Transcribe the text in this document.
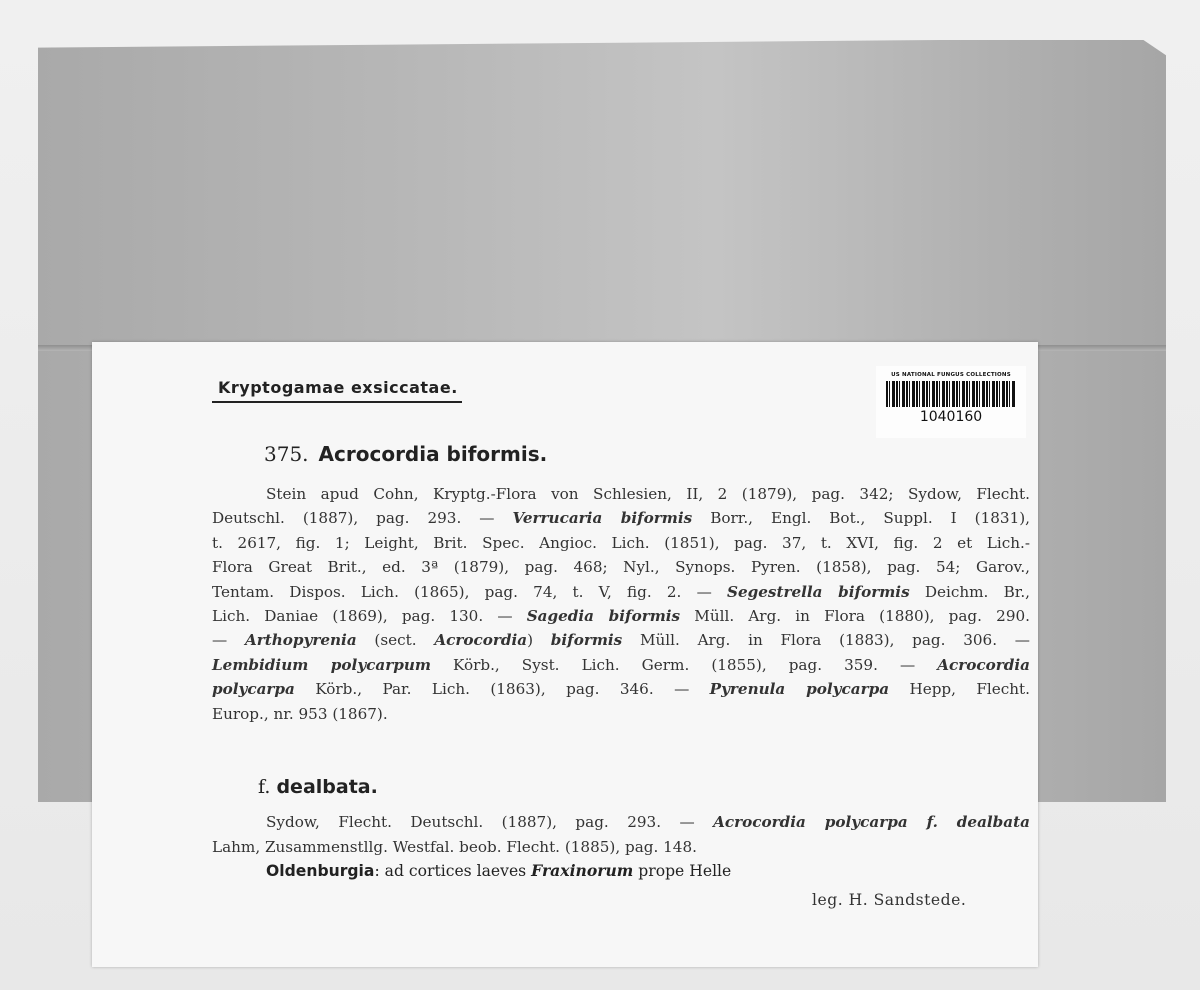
Kryptogamae exsiccatae.
US NATIONAL FUNGUS COLLECTIONS
1040160
375. Acrocordia biformis.
Stein apud Cohn, Kryptg.-Flora von Schlesien, II, 2 (1879), pag. 342; Sydow, Flecht.
Deutschl. (1887), pag. 293. — Verrucaria biformis Borr., Engl. Bot., Suppl. I (1831),
t. 2617, fig. 1; Leight, Brit. Spec. Angioc. Lich. (1851), pag. 37, t. XVI, fig. 2 et Lich.-
Flora Great Brit., ed. 3ª (1879), pag. 468; Nyl., Synops. Pyren. (1858), pag. 54; Garov.,
Tentam. Dispos. Lich. (1865), pag. 74, t. V, fig. 2. — Segestrella biformis Deichm. Br.,
Lich. Daniae (1869), pag. 130. — Sagedia biformis Müll. Arg. in Flora (1880), pag. 290.
— Arthopyrenia (sect. Acrocordia) biformis Müll. Arg. in Flora (1883), pag. 306. —
Lembidium polycarpum Körb., Syst. Lich. Germ. (1855), pag. 359. — Acrocordia
polycarpa Körb., Par. Lich. (1863), pag. 346. — Pyrenula polycarpa Hepp, Flecht.
Europ., nr. 953 (1867).
f. dealbata.
Sydow, Flecht. Deutschl. (1887), pag. 293. — Acrocordia polycarpa f. dealbata
Lahm, Zusammenstllg. Westfal. beob. Flecht. (1885), pag. 148.
Oldenburgia: ad cortices laeves Fraxinorum prope Helle
leg. H. Sandstede.
